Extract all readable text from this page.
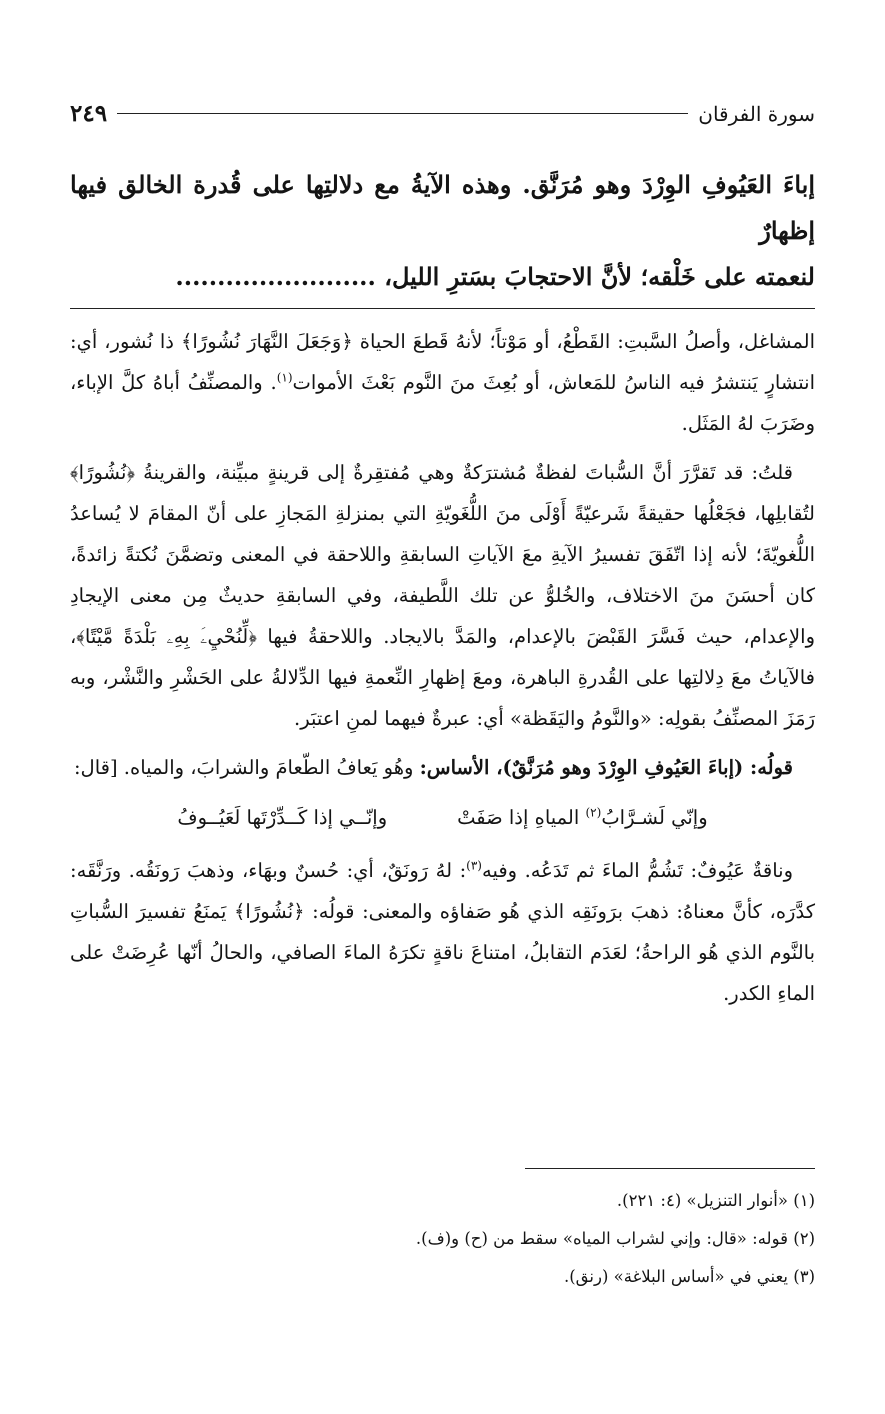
سورة الفرقان
٢٤٩
إباءَ العَيُوفِ الوِرْدَ وهو مُرَنَّق. وهذه الآيةُ مع دلالتِها على قُدرة الخالق فيها إظهارٌ
لنعمته على خَلْقه؛ لأنَّ الاحتجابَ بسَترِ الليل، ........................

المشاغل، وأصلُ السَّبتِ: القَطْعُ، أو مَوْتاً؛ لأنهُ قَطعَ الحياة ﴿وَجَعَلَ النَّهَارَ نُشُورًا﴾ ذا نُشور، أي: انتشارٍ يَنتشرُ فيه الناسُ للمَعاش، أو بُعِثَ منَ النَّوم بَعْثَ الأموات$^{(١)}$. والمصنِّفُ أباهُ كلَّ الإباء، وضَرَبَ لهُ المَثَل.

قلتُ: قد تَقرَّرَ أنَّ السُّباتَ لفظةٌ مُشترَكةٌ وهي مُفتقِرةٌ إلى قرينةٍ مبيِّنة، والقرينةُ ﴿نُشُورًا﴾ لتُقابلِها، فجَعْلُها حقيقةً شَرعيّةً أَوْلَى منَ اللُّغَويّةِ التي بمنزلةِ المَجازِ على أنّ المقامَ لا يُساعدُ اللُّغويّةَ؛ لأنه إذا اتّفَقَ تفسيرُ الآيةِ معَ الآياتِ السابقةِ واللاحقة في المعنى وتضمَّنَ نُكتةً زائدةً، كان أحسَنَ منَ الاختلاف، والخُلوُّ عن تلك اللَّطيفة، وفي السابقةِ حديثٌ مِن معنى الإيجادِ والإعدام، حيث فَسَّرَ القَبْضَ بالإعدام، والمَدَّ بالايجاد. واللاحقةُ فيها ﴿لِّنُحْيِۦَ بِهِۦ بَلْدَةً مَّيْتًا﴾، فالآياتُ معَ دِلالتِها على القُدرةِ الباهرة، ومعَ إظهارِ النِّعمةِ فيها الدِّلالةُ على الحَشْرِ والنَّشْر، وبه رَمَزَ المصنِّفُ بقولِه: «والنَّومُ واليَقَظة» أي: عبرةٌ فيهما لمنِ اعتبَر.

قولُه: (إباءَ العَيُوفِ الوِرْدَ وهو مُرَنَّقٌ)، الأساس: وهُو يَعافُ الطّعامَ والشرابَ، والمياه. [قال:

وإنّي لَشـرَّابُ$^{(٢)}$ المياهِ إذا صَفَتْ
وإنّــي إذا كَــدِّرْتَها لَعَيُــوفُ

وناقةٌ عَيُوفٌ: تَشُمُّ الماءَ ثم تَدَعُه. وفيه$^{(٣)}$: لهُ رَونَقٌ، أي: حُسنٌ وبهَاء، وذهبَ رَونَقُه. ورَنَّقَه: كدَّرَه، كأنَّ معناهُ: ذهبَ برَونَقِه الذي هُو صَفاؤه والمعنى: قولُه: ﴿نُشُورًا﴾ يَمنَعُ تفسيرَ السُّباتِ بالنَّوم الذي هُو الراحةُ؛ لعَدَم التقابلُ، امتناعَ ناقةٍ تكرَهُ الماءَ الصافي، والحالُ أنّها عُرِضَتْ على الماءِ الكدر.

(١) «أنوار التنزيل» (٤: ٢٢١).
(٢) قوله: «قال: وإني لشراب المياه» سقط من (ح) و(ف).
(٣) يعني في «أساس البلاغة» (رنق).
